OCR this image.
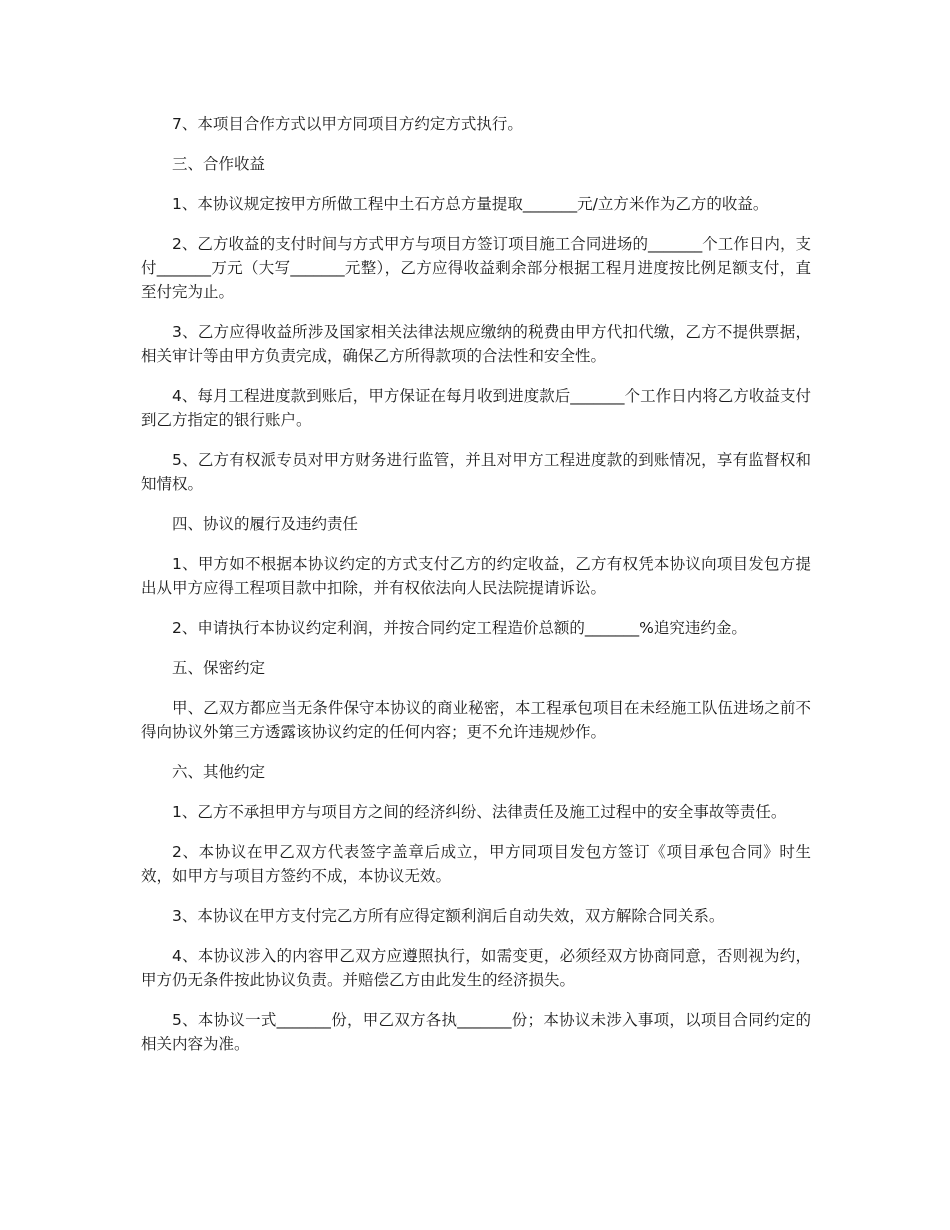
7、本项目合作方式以甲方同项目方约定方式执行。

三、合作收益

1、本协议规定按甲方所做工程中土石方总方量提取_______元/立方米作为乙方的收益。

2、乙方收益的支付时间与方式甲方与项目方签订项目施工合同进场的_______个工作日内，支付_______万元（大写_______元整），乙方应得收益剩余部分根据工程月进度按比例足额支付，直至付完为止。

3、乙方应得收益所涉及国家相关法律法规应缴纳的税费由甲方代扣代缴，乙方不提供票据，相关审计等由甲方负责完成，确保乙方所得款项的合法性和安全性。

4、每月工程进度款到账后，甲方保证在每月收到进度款后_______个工作日内将乙方收益支付到乙方指定的银行账户。

5、乙方有权派专员对甲方财务进行监管，并且对甲方工程进度款的到账情况，享有监督权和知情权。

四、协议的履行及违约责任

1、甲方如不根据本协议约定的方式支付乙方的约定收益，乙方有权凭本协议向项目发包方提出从甲方应得工程项目款中扣除，并有权依法向人民法院提请诉讼。

2、申请执行本协议约定利润，并按合同约定工程造价总额的_______%追究违约金。

五、保密约定

甲、乙双方都应当无条件保守本协议的商业秘密，本工程承包项目在未经施工队伍进场之前不得向协议外第三方透露该协议约定的任何内容；更不允许违规炒作。

六、其他约定

1、乙方不承担甲方与项目方之间的经济纠纷、法律责任及施工过程中的安全事故等责任。

2、本协议在甲乙双方代表签字盖章后成立，甲方同项目发包方签订《项目承包合同》时生效，如甲方与项目方签约不成，本协议无效。

3、本协议在甲方支付完乙方所有应得定额利润后自动失效，双方解除合同关系。

4、本协议涉入的内容甲乙双方应遵照执行，如需变更，必须经双方协商同意，否则视为约，甲方仍无条件按此协议负责。并赔偿乙方由此发生的经济损失。

5、本协议一式_______份，甲乙双方各执_______份；本协议未涉入事项，以项目合同约定的相关内容为准。
